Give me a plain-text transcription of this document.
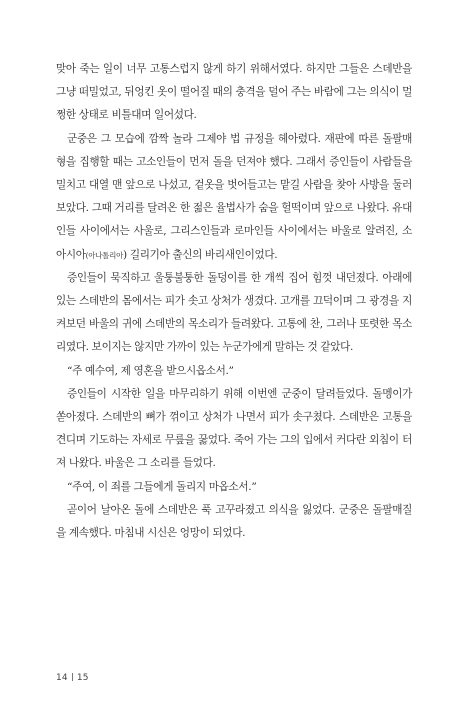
맞아 죽는 일이 너무 고통스럽지 않게 하기 위해서였다. 하지만 그들은 스데반을 그냥 떠밀었고, 뒤엉킨 옷이 떨어질 때의 충격을 덜어 주는 바람에 그는 의식이 멀쩡한 상태로 비틀대며 일어섰다.

군중은 그 모습에 깜짝 놀라 그제야 법 규정을 헤아렸다. 재판에 따른 돌팔매 형을 집행할 때는 고소인들이 먼저 돌을 던져야 했다. 그래서 증인들이 사람들을 밀치고 대열 맨 앞으로 나섰고, 겉옷을 벗어들고는 맡길 사람을 찾아 사방을 둘러보았다. 그때 거리를 달려온 한 젊은 율법사가 숨을 헐떡이며 앞으로 나왔다. 유대인들 사이에서는 사울로, 그리스인들과 로마인들 사이에서는 바울로 알려진, 소아시아(아나톨리아) 길리기아 출신의 바리새인이었다.

증인들이 묵직하고 울퉁불퉁한 돌덩이를 한 개씩 집어 힘껏 내던졌다. 아래에 있는 스데반의 몸에서는 피가 솟고 상처가 생겼다. 고개를 끄덕이며 그 광경을 지켜보던 바울의 귀에 스데반의 목소리가 들려왔다. 고통에 찬, 그러나 또렷한 목소리였다. 보이지는 않지만 가까이 있는 누군가에게 말하는 것 같았다.

“주 예수여, 제 영혼을 받으시옵소서.”

증인들이 시작한 일을 마무리하기 위해 이번엔 군중이 달려들었다. 돌멩이가 쏟아졌다. 스데반의 뼈가 꺾이고 상처가 나면서 피가 솟구쳤다. 스데반은 고통을 견디며 기도하는 자세로 무릎을 꿇었다. 죽어 가는 그의 입에서 커다란 외침이 터져 나왔다. 바울은 그 소리를 들었다.

“주여, 이 죄를 그들에게 돌리지 마옵소서.”

곧이어 날아온 돌에 스데반은 푹 고꾸라졌고 의식을 잃었다. 군중은 돌팔매질을 계속했다. 마침내 시신은 엉망이 되었다.

14 15
